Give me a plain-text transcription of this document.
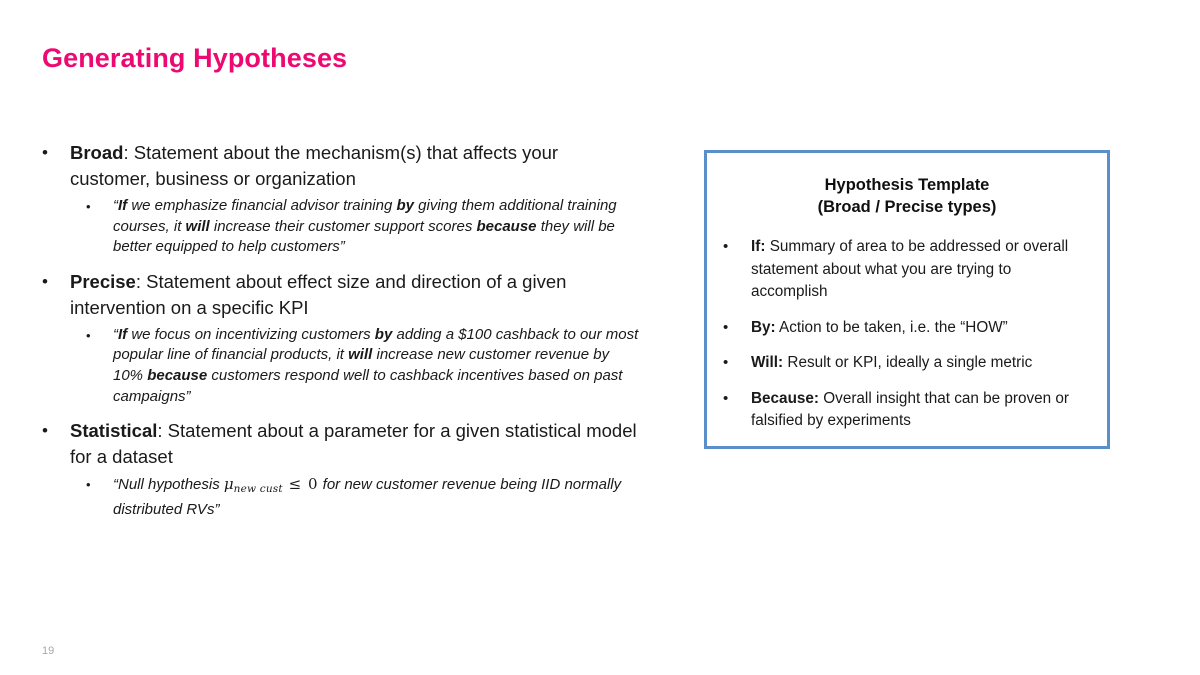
Generating Hypotheses
• Broad: Statement about the mechanism(s) that affects your customer, business or organization
• “If we emphasize financial advisor training by giving them additional training courses, it will increase their customer support scores because they will be better equipped to help customers”
• Precise: Statement about effect size and direction of a given intervention on a specific KPI
• “If we focus on incentivizing customers by adding a $100 cashback to our most popular line of financial products, it will increase new customer revenue by 10% because customers respond well to cashback incentives based on past campaigns”
• Statistical: Statement about a parameter for a given statistical model for a dataset
• “Null hypothesis $\mu_{new cust} \le 0$ for new customer revenue being IID normally distributed RVs”
Hypothesis Template
(Broad / Precise types)
• If: Summary of area to be addressed or overall statement about what you are trying to accomplish
• By: Action to be taken, i.e. the “HOW”
• Will: Result or KPI, ideally a single metric
• Because: Overall insight that can be proven or falsified by experiments
19
